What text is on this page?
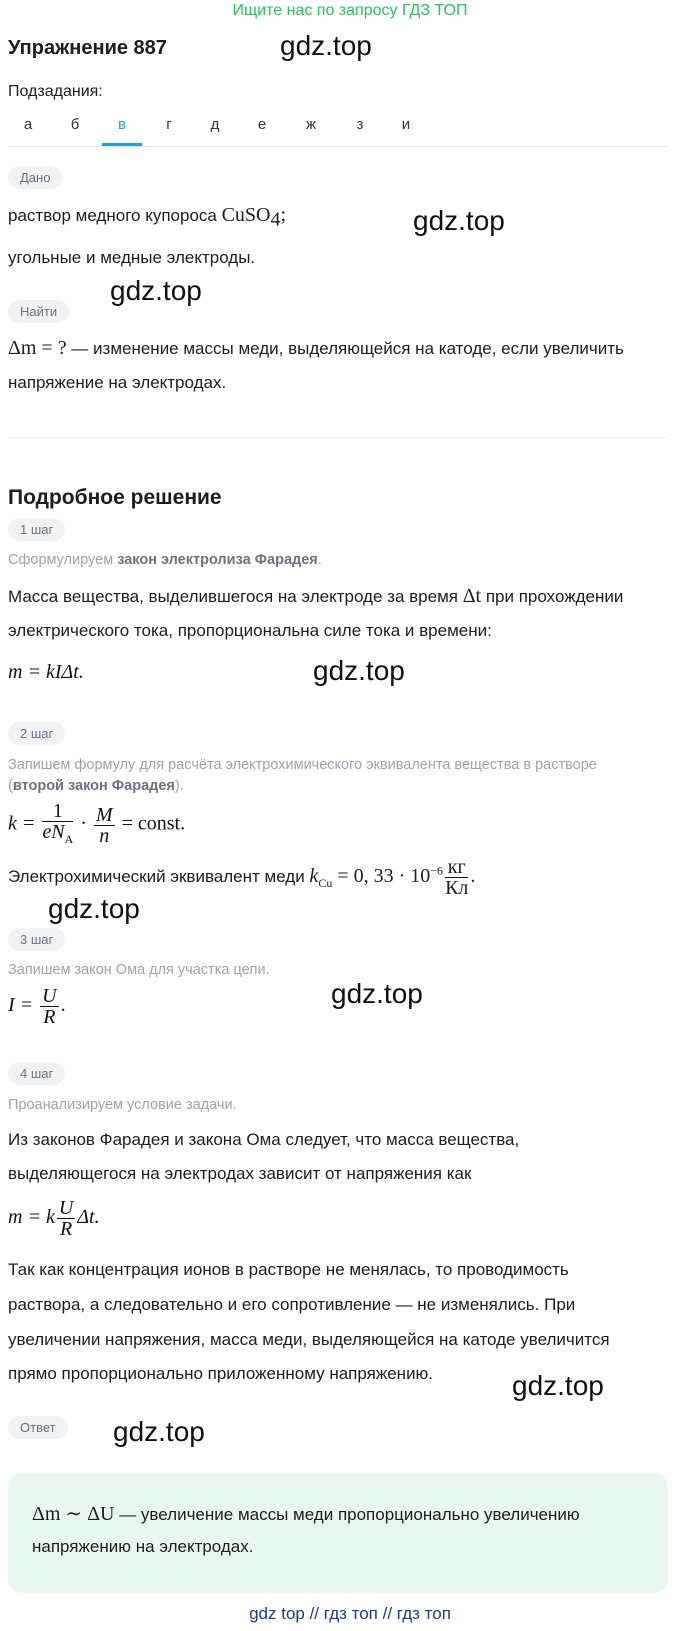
Ищите нас по запросу ГДЗ ТОП
Упражнение 887	gdz.top
Подзадания:
а	б	в	г	д	е	ж	з	и
Дано
раствор медного купороса CuSO$_4$;	gdz.top
угольные и медные электроды.
Найти
gdz.top
Δm = ? — изменение массы меди, выделяющейся на катоде, если увеличить
напряжение на электродах.
Подробное решение
1 шаг
Сформулируем закон электролиза Фарадея.
Масса вещества, выделившегося на электроде за время Δt при прохождении
электрического тока, пропорциональна силе тока и времени:
m = kIΔt.	gdz.top
2 шаг
Запишем формулу для расчёта электрохимического эквивалента вещества в растворе
(второй закон Фарадея).
$k = \frac{1}{eN_A} \cdot \frac{M}{n}$ = const.
Электрохимический эквивалент меди $k_{Cu} = 0$, $33 \cdot 10^{-6} \frac{кг}{Кл}$ .
gdz.top
3 шаг
Запишем закон Ома для участка цепи.
$I = \frac{U}{R}$ .	gdz.top
4 шаг
Проанализируем условие задачи.
Из законов Фарадея и закона Ома следует, что масса вещества,
выделяющегося на электродах зависит от напряжения как
m = k $\frac{U}{R} \Delta t$.
Так как концентрация ионов в растворе не менялась, то проводимость
раствора, а следовательно и его сопротивление — не изменялись. При
увеличении напряжения, масса меди, выделяющейся на катоде увеличится
прямо пропорционально приложенному напряжению.	gdz.top
Ответ	gdz.top
Δm ∼ ΔU — увеличение массы меди пропорционально увеличению
напряжению на электродах.
gdz top // гдз топ // гдз топ
